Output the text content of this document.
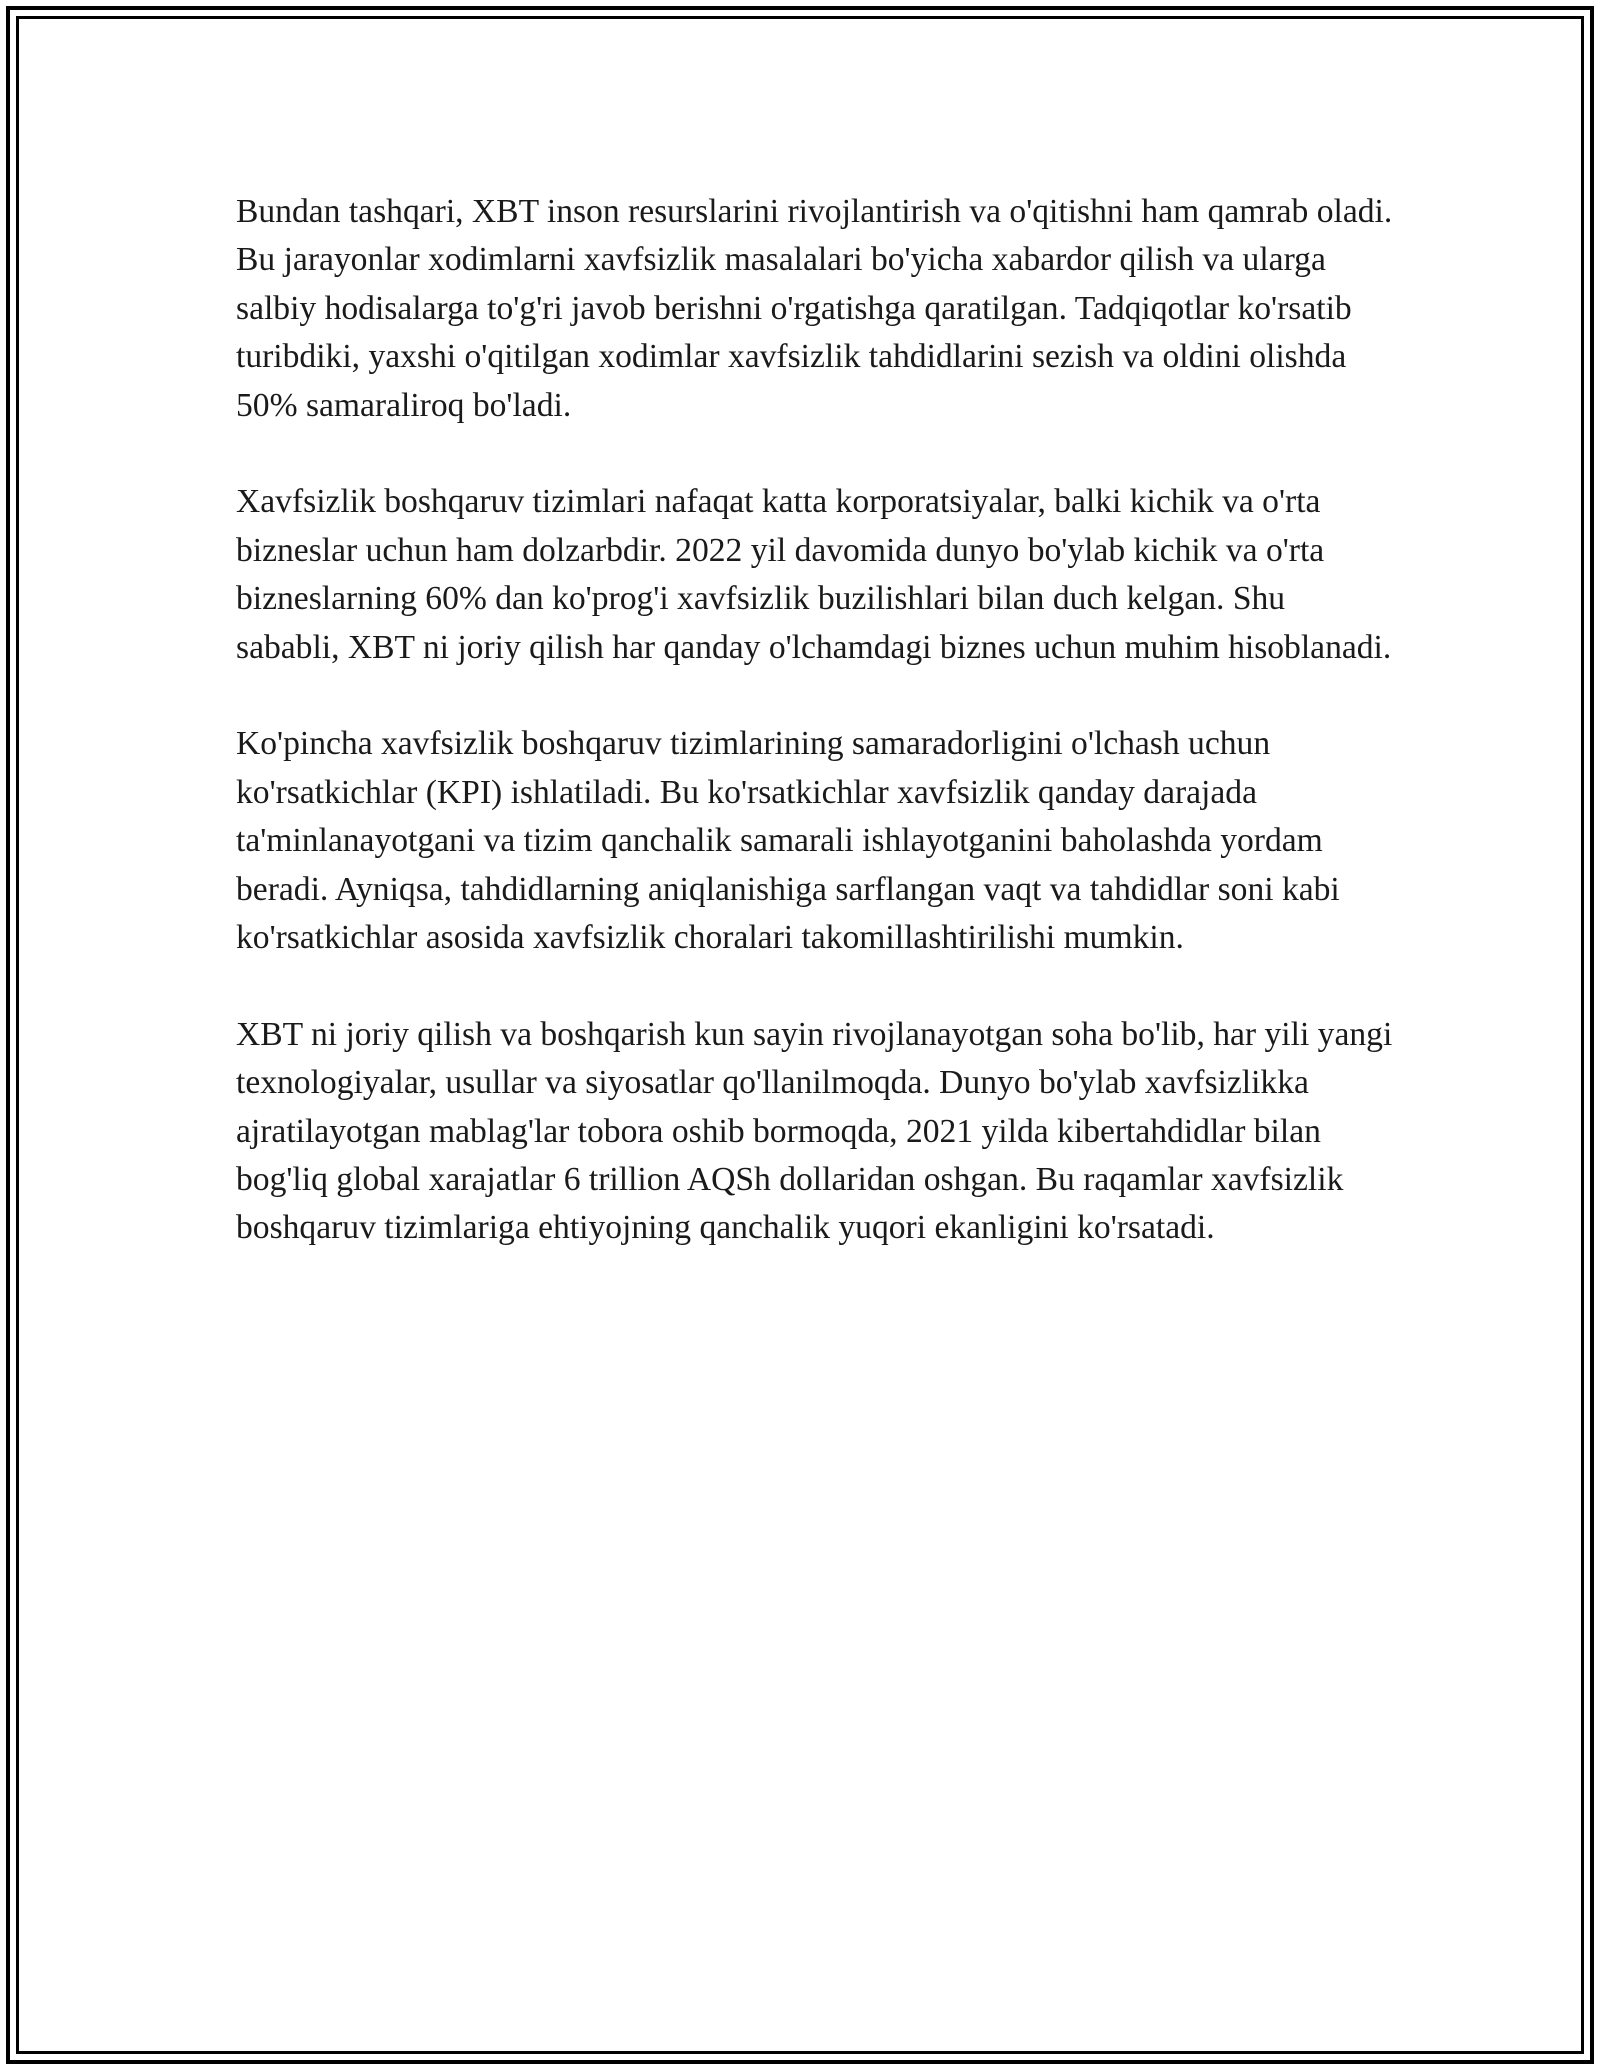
Bundan tashqari, XBT inson resurslarini rivojlantirish va o'qitishni ham qamrab oladi. Bu jarayonlar xodimlarni xavfsizlik masalalari bo'yicha xabardor qilish va ularga salbiy hodisalarga to'g'ri javob berishni o'rgatishga qaratilgan. Tadqiqotlar ko'rsatib turibdiki, yaxshi o'qitilgan xodimlar xavfsizlik tahdidlarini sezish va oldini olishda 50% samaraliroq bo'ladi.

Xavfsizlik boshqaruv tizimlari nafaqat katta korporatsiyalar, balki kichik va o'rta bizneslar uchun ham dolzarbdir. 2022 yil davomida dunyo bo'ylab kichik va o'rta bizneslarning 60% dan ko'prog'i xavfsizlik buzilishlari bilan duch kelgan. Shu sababli, XBT ni joriy qilish har qanday o'lchamdagi biznes uchun muhim hisoblanadi.

Ko'pincha xavfsizlik boshqaruv tizimlarining samaradorligini o'lchash uchun ko'rsatkichlar (KPI) ishlatiladi. Bu ko'rsatkichlar xavfsizlik qanday darajada ta'minlanayotgani va tizim qanchalik samarali ishlayotganini baholashda yordam beradi. Ayniqsa, tahdidlarning aniqlanishiga sarflangan vaqt va tahdidlar soni kabi ko'rsatkichlar asosida xavfsizlik choralari takomillashtirilishi mumkin.

XBT ni joriy qilish va boshqarish kun sayin rivojlanayotgan soha bo'lib, har yili yangi texnologiyalar, usullar va siyosatlar qo'llanilmoqda. Dunyo bo'ylab xavfsizlikka ajratilayotgan mablag'lar tobora oshib bormoqda, 2021 yilda kibertahdidlar bilan bog'liq global xarajatlar 6 trillion AQSh dollaridan oshgan. Bu raqamlar xavfsizlik boshqaruv tizimlariga ehtiyojning qanchalik yuqori ekanligini ko'rsatadi.
